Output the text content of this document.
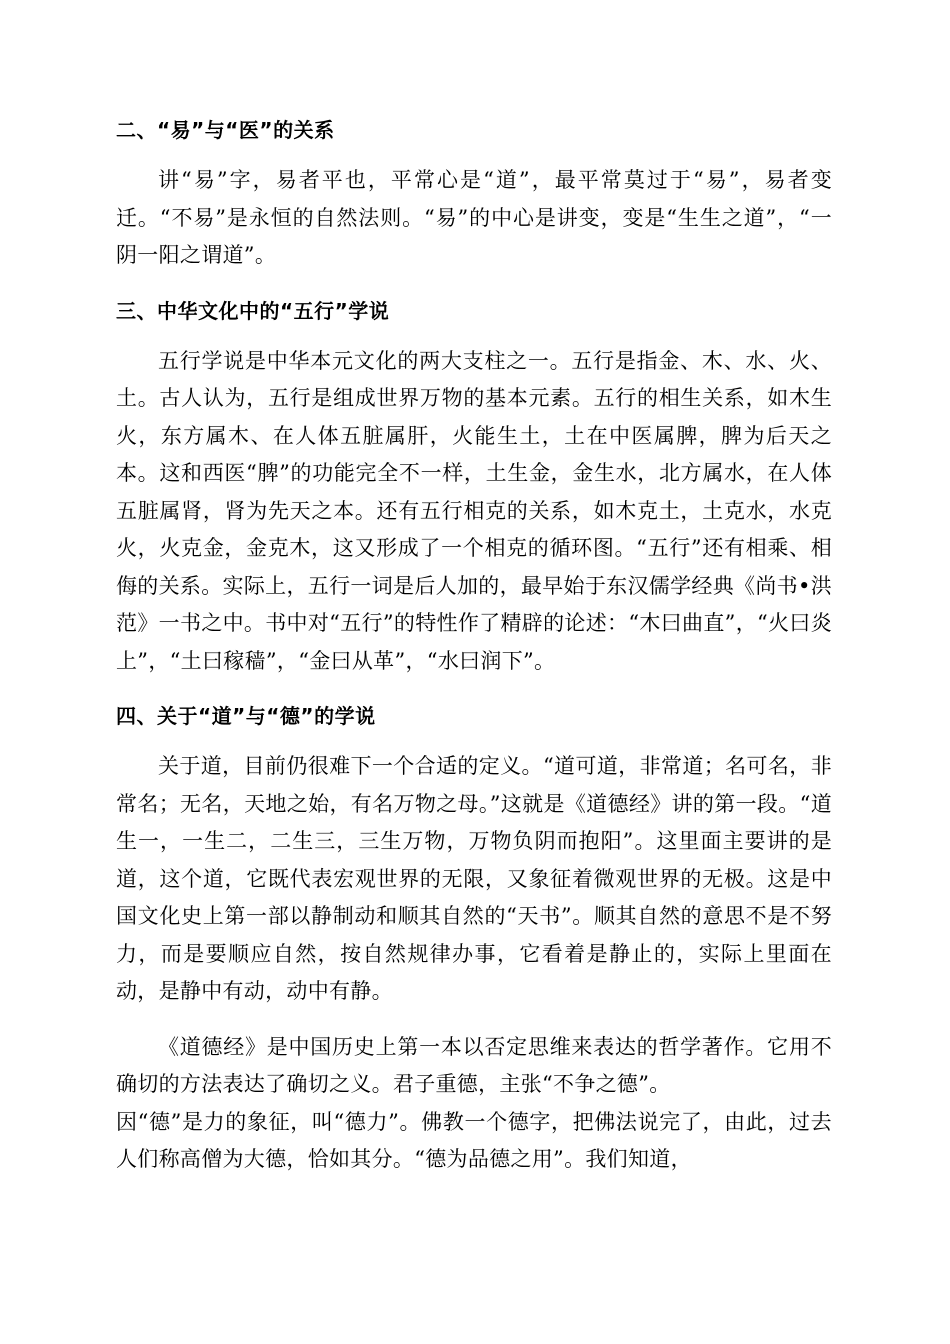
二、“易”与“医”的关系

讲“易”字，易者平也，平常心是“道”，最平常莫过于“易”，易者变迁。“不易”是永恒的自然法则。“易”的中心是讲变，变是“生生之道”，“一阴一阳之谓道”。

三、中华文化中的“五行”学说

五行学说是中华本元文化的两大支柱之一。五行是指金、木、水、火、土。古人认为，五行是组成世界万物的基本元素。五行的相生关系，如木生火，东方属木、在人体五脏属肝，火能生土，土在中医属脾，脾为后天之本。这和西医“脾”的功能完全不一样，土生金，金生水，北方属水，在人体五脏属肾，肾为先天之本。还有五行相克的关系，如木克土，土克水，水克火，火克金，金克木，这又形成了一个相克的循环图。“五行”还有相乘、相侮的关系。实际上，五行一词是后人加的，最早始于东汉儒学经典《尚书•洪范》一书之中。书中对“五行”的特性作了精辟的论述：“木曰曲直”，“火曰炎上”，“土曰稼穑”，“金曰从革”，“水曰润下”。

四、关于“道”与“德”的学说

关于道，目前仍很难下一个合适的定义。“道可道，非常道；名可名，非常名；无名，天地之始，有名万物之母。”这就是《道德经》讲的第一段。“道生一，一生二，二生三，三生万物，万物负阴而抱阳”。这里面主要讲的是道，这个道，它既代表宏观世界的无限，又象征着微观世界的无极。这是中国文化史上第一部以静制动和顺其自然的“天书”。顺其自然的意思不是不努力，而是要顺应自然，按自然规律办事，它看着是静止的，实际上里面在动，是静中有动，动中有静。

《道德经》是中国历史上第一本以否定思维来表达的哲学著作。它用不确切的方法表达了确切之义。君子重德，主张“不争之德”。

因“德”是力的象征，叫“德力”。佛教一个德字，把佛法说完了，由此，过去人们称高僧为大德，恰如其分。“德为品德之用”。我们知道，
